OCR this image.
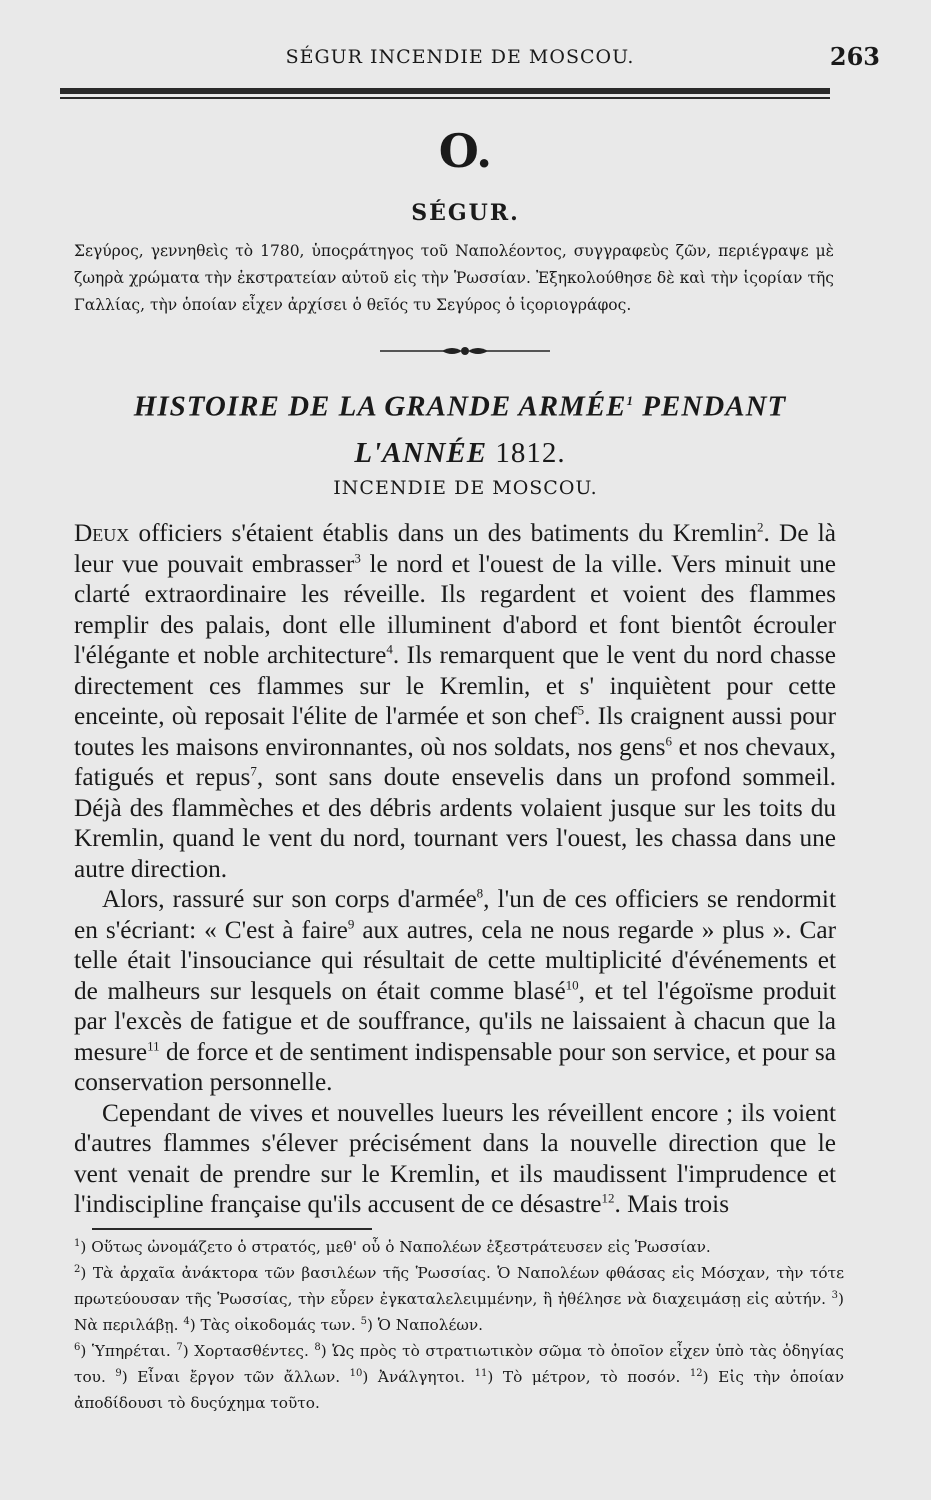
SÉGUR INCENDIE DE MOSCOU.	263
O.
SÉGUR.
Σεγύρος, γεννηθεὶς τὸ 1780, ὑποςράτηγος τοῦ Ναπολέοντος, συγγραφεὺς ζῶν, περιέγραψε μὲ ζωηρὰ χρώματα τὴν ἐκστρατείαν αὐτοῦ εἰς τὴν Ῥωσσίαν. Ἐξηκολούθησε δὲ καὶ τὴν ἱςορίαν τῆς Γαλλίας, τὴν ὁποίαν εἶχεν ἀρχίσει ὁ θεῖός τυ Σεγύρος ὁ ἱςοριογράφος.
HISTOIRE DE LA GRANDE ARMÉE$^1$ PENDANT
L'ANNÉE 1812.
INCENDIE DE MOSCOU.

Deux officiers s'étaient établis dans un des batiments du Kremlin$^2$. De là leur vue pouvait embrasser$^3$ le nord et l'ouest de la ville. Vers minuit une clarté extraordinaire les réveille. Ils regardent et voient des flammes remplir des palais, dont elle illuminent d'abord et font bientôt écrouler l'élégante et noble architecture$^4$. Ils remarquent que le vent du nord chasse directement ces flammes sur le Kremlin, et s' inquiètent pour cette enceinte, où reposait l'élite de l'armée et son chef$^5$. Ils craignent aussi pour toutes les maisons environnantes, où nos soldats, nos gens$^6$ et nos chevaux, fatigués et repus$^7$, sont sans doute ensevelis dans un profond sommeil. Déjà des flammèches et des débris ardents volaient jusque sur les toits du Kremlin, quand le vent du nord, tournant vers l'ouest, les chassa dans une autre direction.

Alors, rassuré sur son corps d'armée$^8$, l'un de ces officiers se rendormit en s'écriant: « C'est à faire$^9$ aux autres, cela ne nous regarde » plus ». Car telle était l'insouciance qui résultait de cette multiplicité d'événements et de malheurs sur lesquels on était comme blasé$^{10}$, et tel l'égoïsme produit par l'excès de fatigue et de souffrance, qu'ils ne laissaient à chacun que la mesure$^{11}$ de force et de sentiment indispensable pour son service, et pour sa conservation personnelle.

Cependant de vives et nouvelles lueurs les réveillent encore ; ils voient d'autres flammes s'élever précisément dans la nouvelle direction que le vent venait de prendre sur le Kremlin, et ils maudissent l'imprudence et l'indiscipline française qu'ils accusent de ce désastre$^{12}$. Mais trois

$^1$) Οὕτως ὠνομάζετο ὁ στρατός, μεθ' οὗ ὁ Ναπολέων ἐξεστράτευσεν εἰς Ῥωσσίαν.

$^2$) Τὰ ἀρχαῖα ἀνάκτορα τῶν βασιλέων τῆς Ῥωσσίας. Ὁ Ναπολέων φθάσας εἰς Μόσχαν, τὴν τότε πρωτεύουσαν τῆς Ῥωσσίας, τὴν εὗρεν ἐγκαταλελειμμένην, ἣ ἠθέλησε νὰ διαχειμάσῃ εἰς αὐτήν. $^3$) Νὰ περιλάβῃ. $^4$) Τὰς οἰκοδομάς των. $^5$) Ὁ Ναπολέων.

$^6$) Ὑπηρέται. $^7$) Χορτασθέντες. $^8$) Ὡς πρὸς τὸ στρατιωτικὸν σῶμα τὸ ὁποῖον εἶχεν ὑπὸ τὰς ὁδηγίας του. $^9$) Εἶναι ἔργον τῶν ἄλλων. $^{10}$) Ἀνάλγητοι. $^{11}$) Τὸ μέτρον, τὸ ποσόν. $^{12}$) Εἰς τὴν ὁποίαν ἀποδίδουσι τὸ δυςύχημα τοῦτο.
